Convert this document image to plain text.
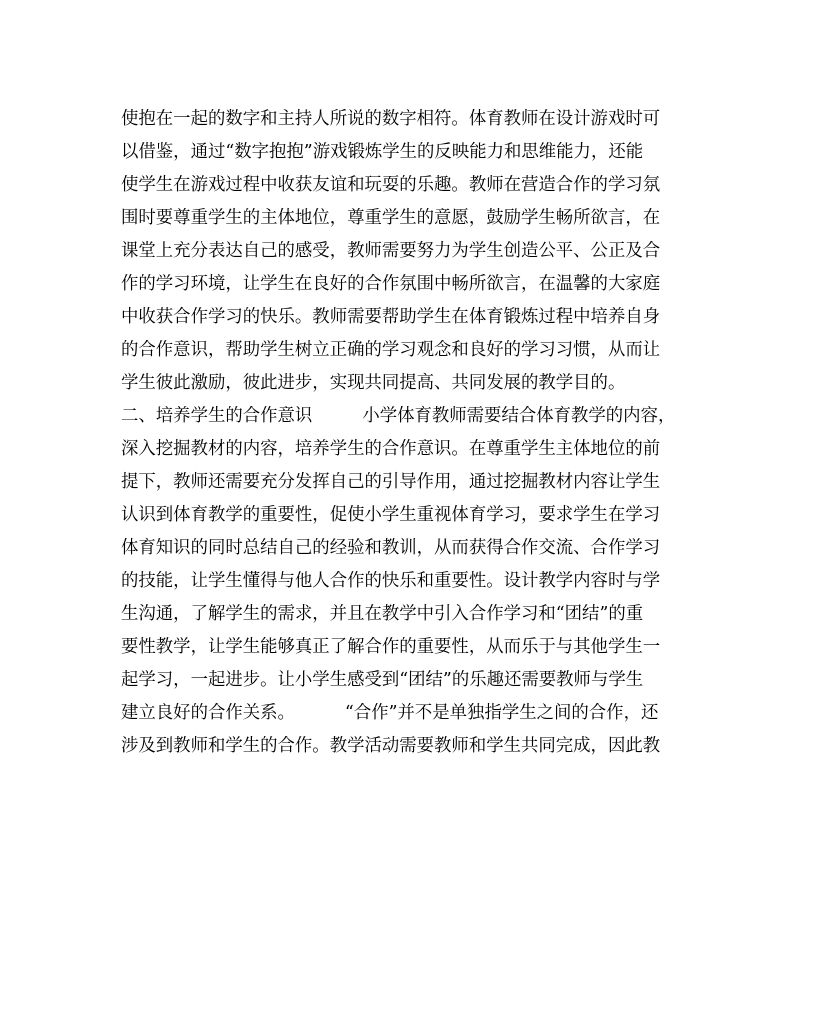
使抱在一起的数字和主持人所说的数字相符。体育教师在设计游戏时可
以借鉴，通过“数字抱抱”游戏锻炼学生的反映能力和思维能力，还能
使学生在游戏过程中收获友谊和玩耍的乐趣。教师在营造合作的学习氛
围时要尊重学生的主体地位，尊重学生的意愿，鼓励学生畅所欲言，在
课堂上充分表达自己的感受，教师需要努力为学生创造公平、公正及合
作的学习环境，让学生在良好的合作氛围中畅所欲言，在温馨的大家庭
中收获合作学习的快乐。教师需要帮助学生在体育锻炼过程中培养自身
的合作意识，帮助学生树立正确的学习观念和良好的学习习惯，从而让
学生彼此激励，彼此进步，实现共同提高、共同发展的教学目的。
二、培养学生的合作意识	小学体育教师需要结合体育教学的内容，
深入挖掘教材的内容，培养学生的合作意识。在尊重学生主体地位的前
提下，教师还需要充分发挥自己的引导作用，通过挖掘教材内容让学生
认识到体育教学的重要性，促使小学生重视体育学习，要求学生在学习
体育知识的同时总结自己的经验和教训，从而获得合作交流、合作学习
的技能，让学生懂得与他人合作的快乐和重要性。设计教学内容时与学
生沟通，了解学生的需求，并且在教学中引入合作学习和“团结”的重
要性教学，让学生能够真正了解合作的重要性，从而乐于与其他学生一
起学习，一起进步。让小学生感受到“团结”的乐趣还需要教师与学生
建立良好的合作关系。	“合作”并不是单独指学生之间的合作，还
涉及到教师和学生的合作。教学活动需要教师和学生共同完成，因此教
